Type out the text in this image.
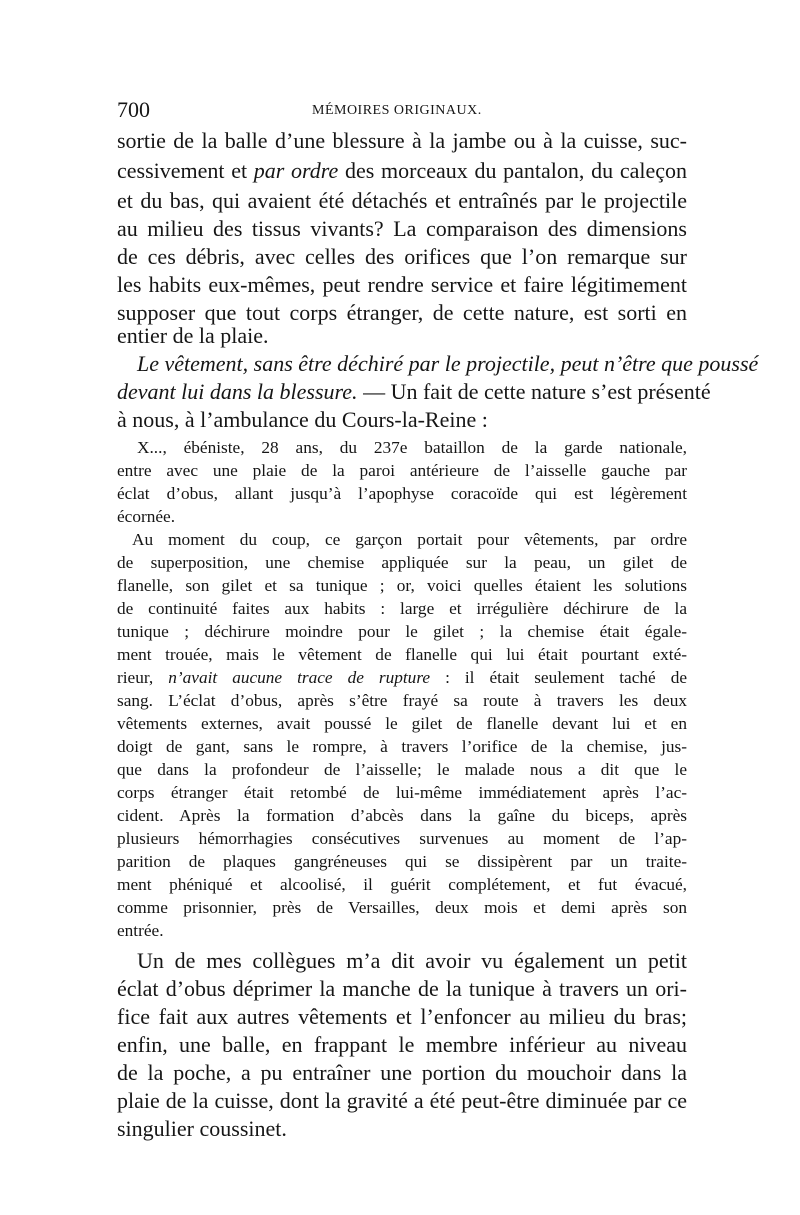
700	MÉMOIRES ORIGINAUX.
sortie de la balle d’une blessure à la jambe ou à la cuisse, suc-
cessivement et par ordre des morceaux du pantalon, du caleçon
et du bas, qui avaient été détachés et entraînés par le projectile
au milieu des tissus vivants? La comparaison des dimensions
de ces débris, avec celles des orifices que l’on remarque sur
les habits eux-mêmes, peut rendre service et faire légitimement
supposer que tout corps étranger, de cette nature, est sorti en
entier de la plaie.
Le vêtement, sans être déchiré par le projectile, peut n’être que poussé
devant lui dans la blessure. — Un fait de cette nature s’est présenté
à nous, à l’ambulance du Cours-la-Reine :
X..., ébéniste, 28 ans, du 237e bataillon de la garde nationale,
entre avec une plaie de la paroi antérieure de l’aisselle gauche par
éclat d’obus, allant jusqu’à l’apophyse coracoïde qui est légèrement
écornée.
Au moment du coup, ce garçon portait pour vêtements, par ordre
de superposition, une chemise appliquée sur la peau, un gilet de
flanelle, son gilet et sa tunique ; or, voici quelles étaient les solutions
de continuité faites aux habits : large et irrégulière déchirure de la
tunique ; déchirure moindre pour le gilet ; la chemise était égale-
ment trouée, mais le vêtement de flanelle qui lui était pourtant exté-
rieur, n’avait aucune trace de rupture : il était seulement taché de
sang. L’éclat d’obus, après s’être frayé sa route à travers les deux
vêtements externes, avait poussé le gilet de flanelle devant lui et en
doigt de gant, sans le rompre, à travers l’orifice de la chemise, jus-
que dans la profondeur de l’aisselle; le malade nous a dit que le
corps étranger était retombé de lui-même immédiatement après l’ac-
cident. Après la formation d’abcès dans la gaîne du biceps, après
plusieurs hémorrhagies consécutives survenues au moment de l’ap-
parition de plaques gangréneuses qui se dissipèrent par un traite-
ment phéniqué et alcoolisé, il guérit complétement, et fut évacué,
comme prisonnier, près de Versailles, deux mois et demi après son
entrée.
Un de mes collègues m’a dit avoir vu également un petit
éclat d’obus déprimer la manche de la tunique à travers un ori-
fice fait aux autres vêtements et l’enfoncer au milieu du bras;
enfin, une balle, en frappant le membre inférieur au niveau
de la poche, a pu entraîner une portion du mouchoir dans la
plaie de la cuisse, dont la gravité a été peut-être diminuée par ce
singulier coussinet.
